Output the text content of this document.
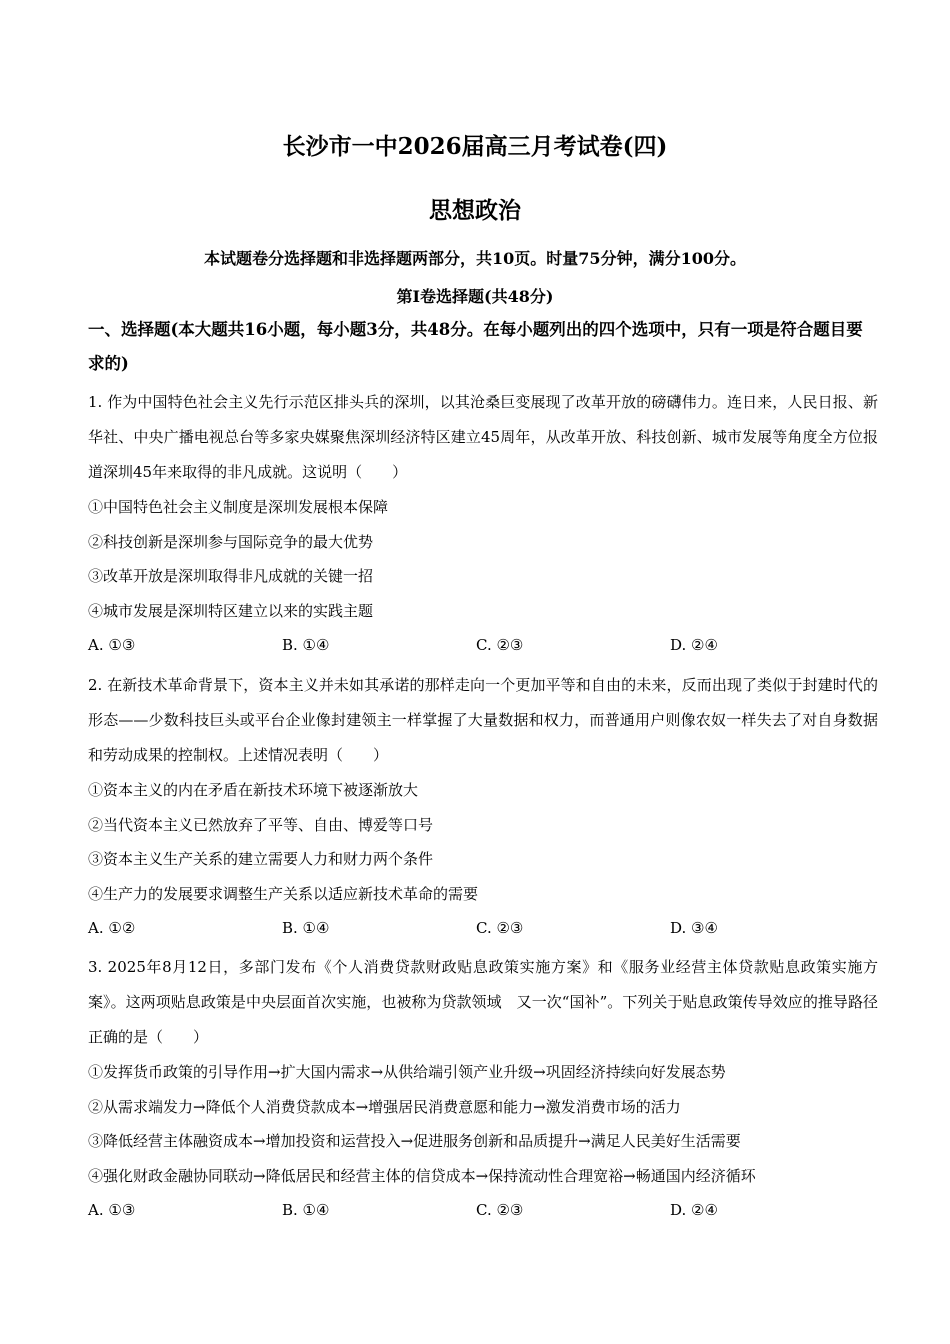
长沙市一中2026届高三月考试卷(四)
思想政治
本试题卷分选择题和非选择题两部分，共10页。时量75分钟，满分100分。
第Ⅰ卷选择题(共48分)
一、选择题(本大题共16小题，每小题3分，共48分。在每小题列出的四个选项中，只有一项是符合题目要求的)
1. 作为中国特色社会主义先行示范区排头兵的深圳，以其沧桑巨变展现了改革开放的磅礴伟力。连日来，人民日报、新华社、中央广播电视总台等多家央媒聚焦深圳经济特区建立45周年，从改革开放、科技创新、城市发展等角度全方位报道深圳45年来取得的非凡成就。这说明（　　）
①中国特色社会主义制度是深圳发展根本保障
②科技创新是深圳参与国际竞争的最大优势
③改革开放是深圳取得非凡成就的关键一招
④城市发展是深圳特区建立以来的实践主题
A. ①③	B. ①④	C. ②③	D. ②④
2. 在新技术革命背景下，资本主义并未如其承诺的那样走向一个更加平等和自由的未来，反而出现了类似于封建时代的形态——少数科技巨头或平台企业像封建领主一样掌握了大量数据和权力，而普通用户则像农奴一样失去了对自身数据和劳动成果的控制权。上述情况表明（　　）
①资本主义的内在矛盾在新技术环境下被逐渐放大
②当代资本主义已然放弃了平等、自由、博爱等口号
③资本主义生产关系的建立需要人力和财力两个条件
④生产力的发展要求调整生产关系以适应新技术革命的需要
A. ①②	B. ①④	C. ②③	D. ③④
3. 2025年8月12日，多部门发布《个人消费贷款财政贴息政策实施方案》和《服务业经营主体贷款贴息政策实施方案》。这两项贴息政策是中央层面首次实施，也被称为贷款领域　又一次“国补”。下列关于贴息政策传导效应的推导路径正确的是（　　）
①发挥货币政策的引导作用→扩大国内需求→从供给端引领产业升级→巩固经济持续向好发展态势
②从需求端发力→降低个人消费贷款成本→增强居民消费意愿和能力→激发消费市场的活力
③降低经营主体融资成本→增加投资和运营投入→促进服务创新和品质提升→满足人民美好生活需要
④强化财政金融协同联动→降低居民和经营主体的信贷成本→保持流动性合理宽裕→畅通国内经济循环
A. ①③	B. ①④	C. ②③	D. ②④
